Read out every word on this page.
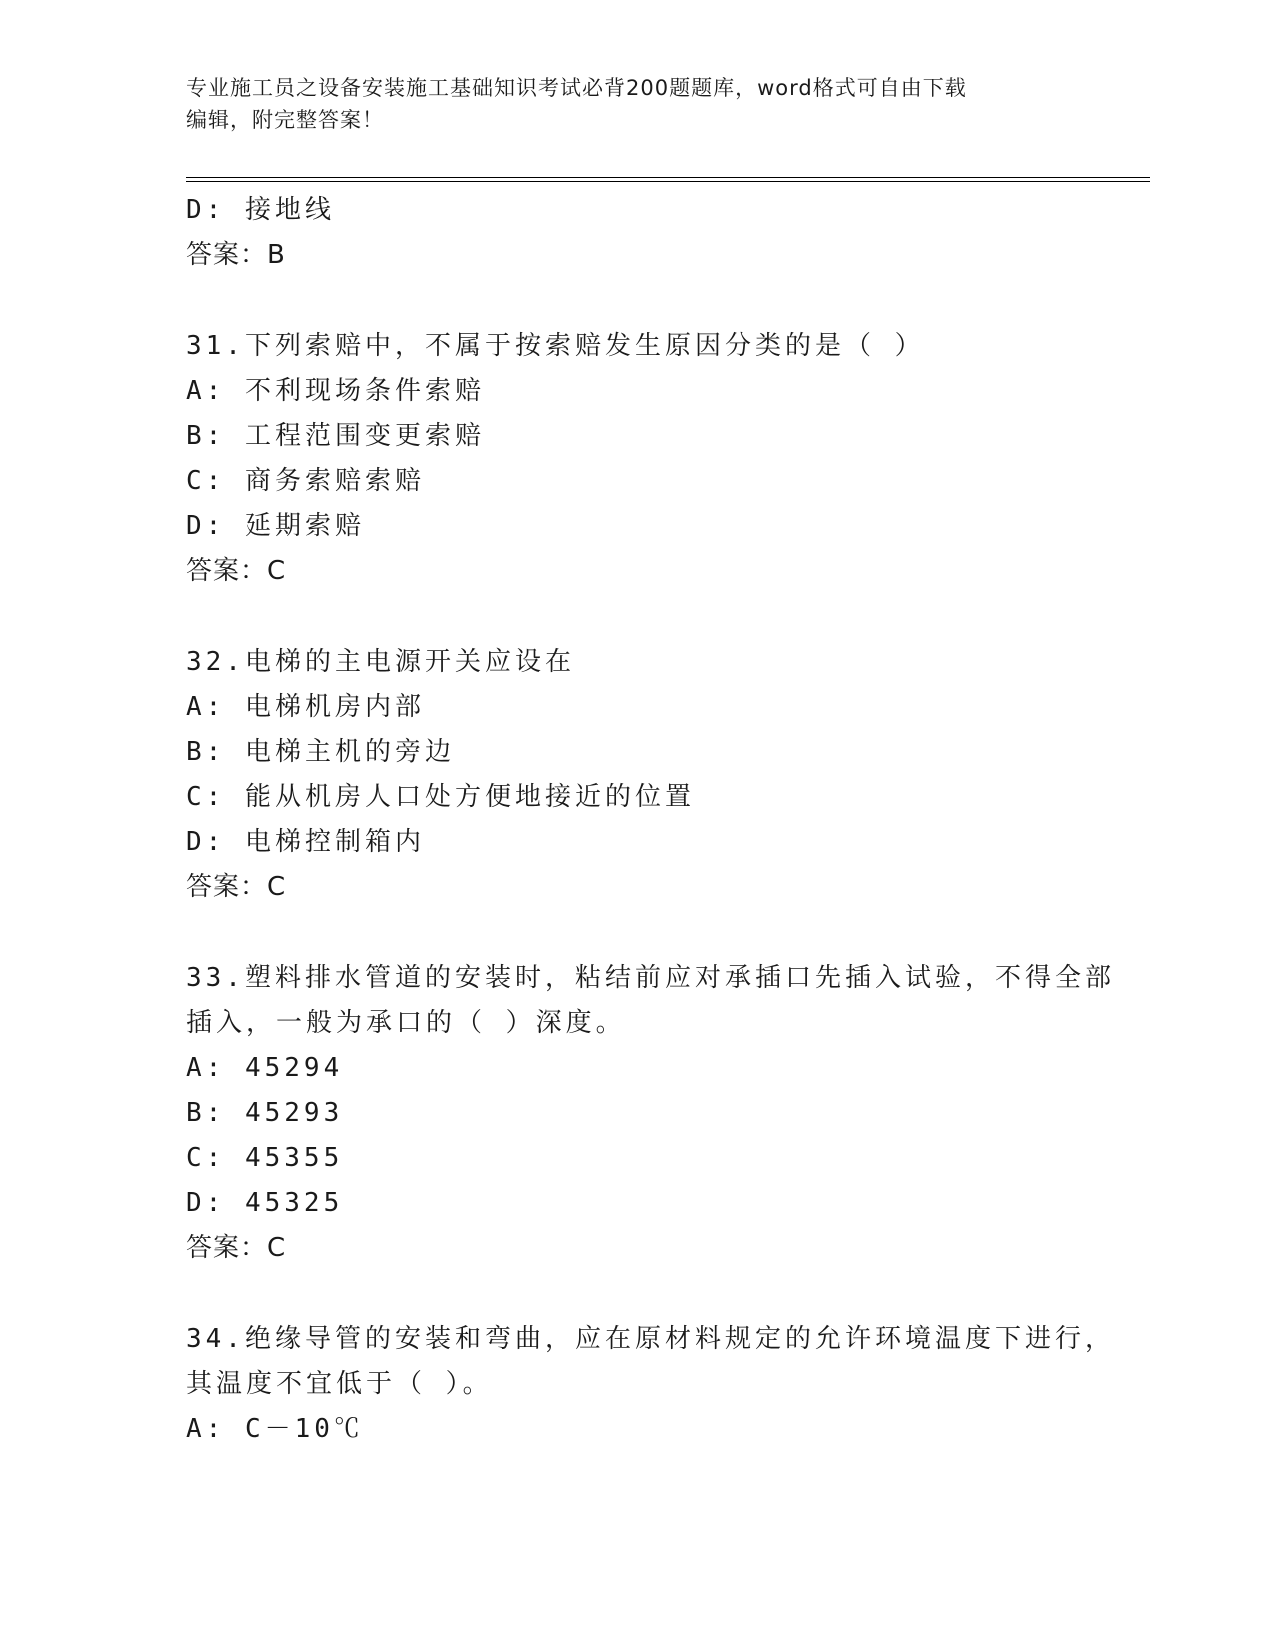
专业施工员之设备安装施工基础知识考试必背200题题库，word格式可自由下载
编辑，附完整答案！
D: 接地线
答案：B
31.下列索赔中，不属于按索赔发生原因分类的是（ ）
A: 不利现场条件索赔
B: 工程范围变更索赔
C: 商务索赔索赔
D: 延期索赔
答案：C
32.电梯的主电源开关应设在
A: 电梯机房内部
B: 电梯主机的旁边
C: 能从机房人口处方便地接近的位置
D: 电梯控制箱内
答案：C
33.塑料排水管道的安装时，粘结前应对承插口先插入试验，不得全部
插入，一般为承口的（ ）深度。
A: 45294
B: 45293
C: 45355
D: 45325
答案：C
34.绝缘导管的安装和弯曲，应在原材料规定的允许环境温度下进行，
其温度不宜低于（ ）。
A: C－10℃
